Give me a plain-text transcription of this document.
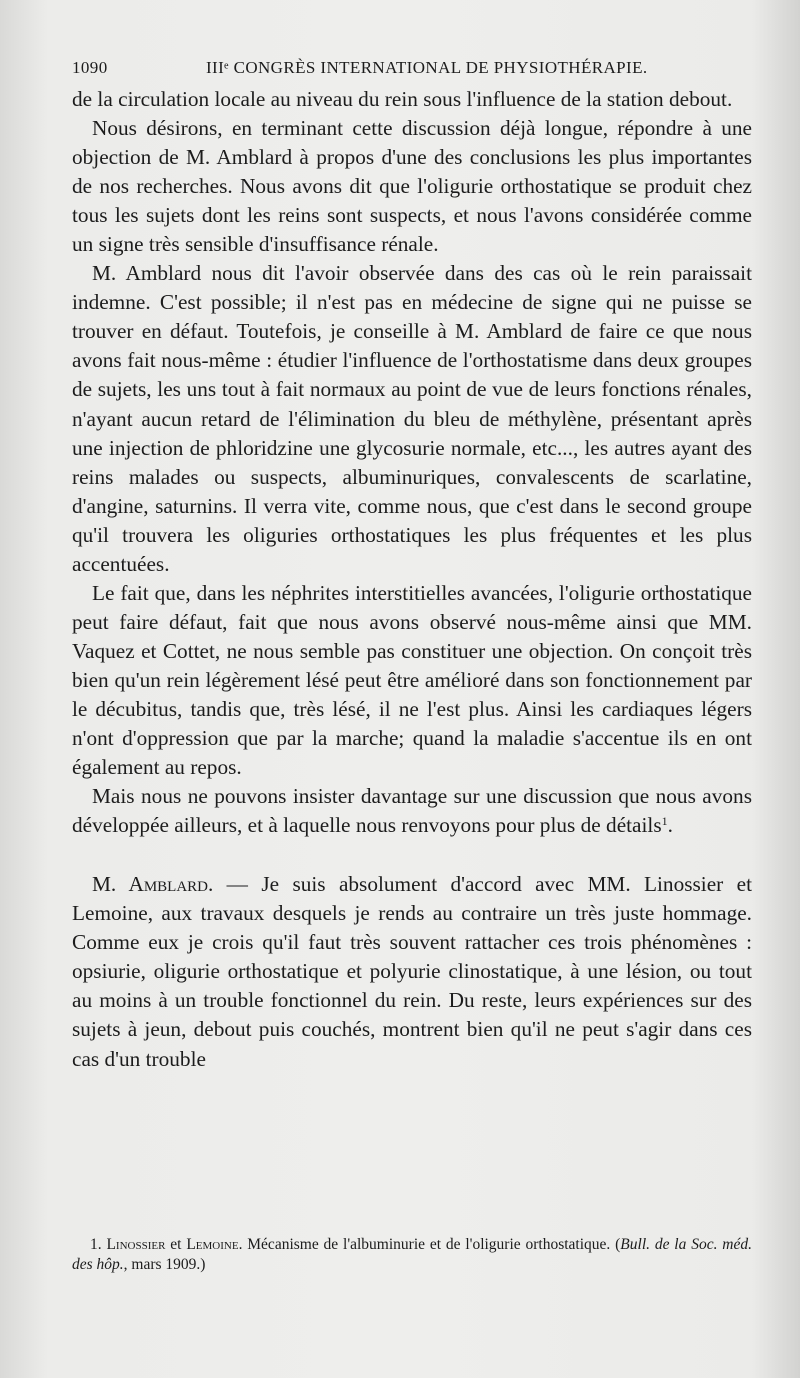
1090	IIIᵉ CONGRÈS INTERNATIONAL DE PHYSIOTHÉRAPIE.

de la circulation locale au niveau du rein sous l'influence de la station debout.

Nous désirons, en terminant cette discussion déjà longue, répondre à une objection de M. Amblard à propos d'une des conclusions les plus importantes de nos recherches. Nous avons dit que l'oligurie orthostatique se produit chez tous les sujets dont les reins sont suspects, et nous l'avons considérée comme un signe très sensible d'insuffisance rénale.

M. Amblard nous dit l'avoir observée dans des cas où le rein paraissait indemne. C'est possible; il n'est pas en médecine de signe qui ne puisse se trouver en défaut. Toutefois, je conseille à M. Amblard de faire ce que nous avons fait nous-même : étudier l'influence de l'orthostatisme dans deux groupes de sujets, les uns tout à fait normaux au point de vue de leurs fonctions rénales, n'ayant aucun retard de l'élimination du bleu de méthylène, présentant après une injection de phloridzine une glycosurie normale, etc..., les autres ayant des reins malades ou suspects, albuminuriques, convalescents de scarlatine, d'angine, saturnins. Il verra vite, comme nous, que c'est dans le second groupe qu'il trouvera les oliguries orthostatiques les plus fréquentes et les plus accentuées.

Le fait que, dans les néphrites interstitielles avancées, l'oligurie orthostatique peut faire défaut, fait que nous avons observé nous-même ainsi que MM. Vaquez et Cottet, ne nous semble pas constituer une objection. On conçoit très bien qu'un rein légèrement lésé peut être amélioré dans son fonctionnement par le décubitus, tandis que, très lésé, il ne l'est plus. Ainsi les cardiaques légers n'ont d'oppression que par la marche; quand la maladie s'accentue ils en ont également au repos.

Mais nous ne pouvons insister davantage sur une discussion que nous avons développée ailleurs, et à laquelle nous renvoyons pour plus de détails$^1$.

M. Amblard. — Je suis absolument d'accord avec MM. Linossier et Lemoine, aux travaux desquels je rends au contraire un très juste hommage. Comme eux je crois qu'il faut très souvent rattacher ces trois phénomènes : opsiurie, oligurie orthostatique et polyurie clinostatique, à une lésion, ou tout au moins à un trouble fonctionnel du rein. Du reste, leurs expériences sur des sujets à jeun, debout puis couchés, montrent bien qu'il ne peut s'agir dans ces cas d'un trouble

1. Linossier et Lemoine. Mécanisme de l'albuminurie et de l'oligurie orthostatique. (Bull. de la Soc. méd. des hôp., mars 1909.)
